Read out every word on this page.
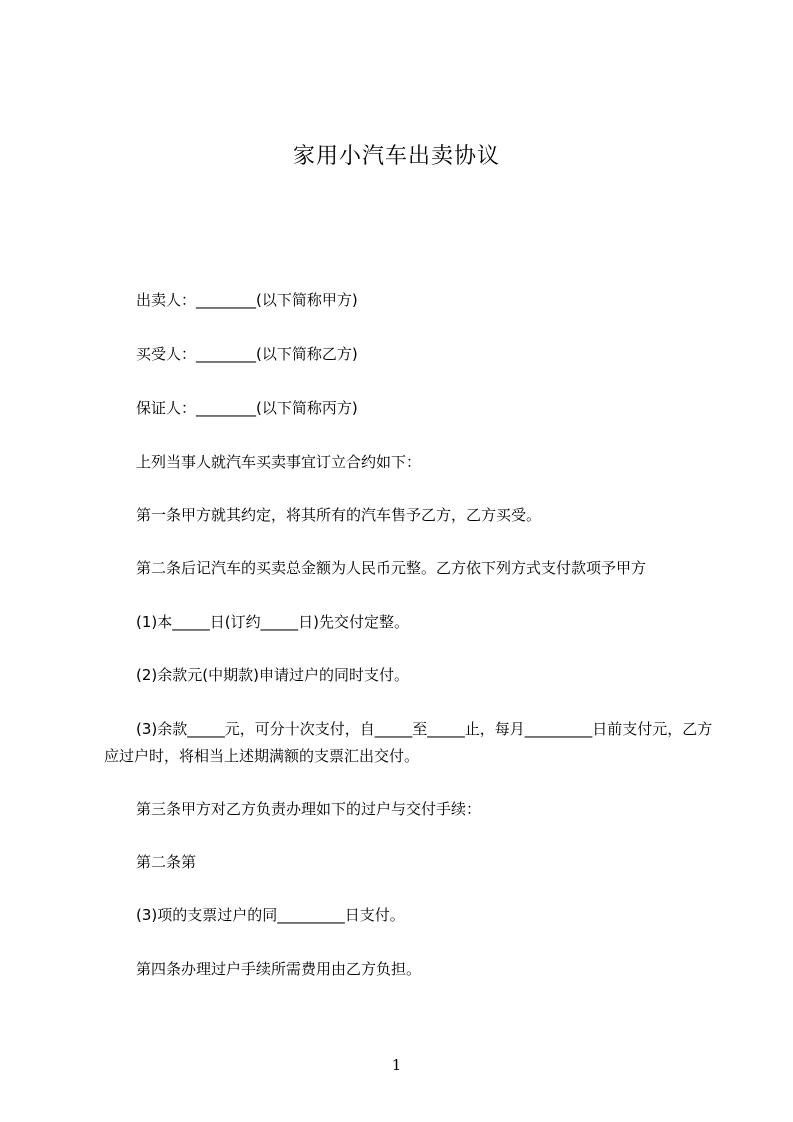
家用小汽车出卖协议
出卖人：________(以下简称甲方)
买受人：________(以下简称乙方)
保证人：________(以下简称丙方)
上列当事人就汽车买卖事宜订立合约如下：
第一条甲方就其约定，将其所有的汽车售予乙方，乙方买受。
第二条后记汽车的买卖总金额为人民币元整。乙方依下列方式支付款项予甲方
(1)本_____日(订约_____日)先交付定整。
(2)余款元(中期款)申请过户的同时支付。
(3)余款_____元，可分十次支付，自_____至_____止，每月_________日前支付元，乙方应过户时，将相当上述期满额的支票汇出交付。
第三条甲方对乙方负责办理如下的过户与交付手续：
第二条第
(3)项的支票过户的同_________日支付。
第四条办理过户手续所需费用由乙方负担。
1
